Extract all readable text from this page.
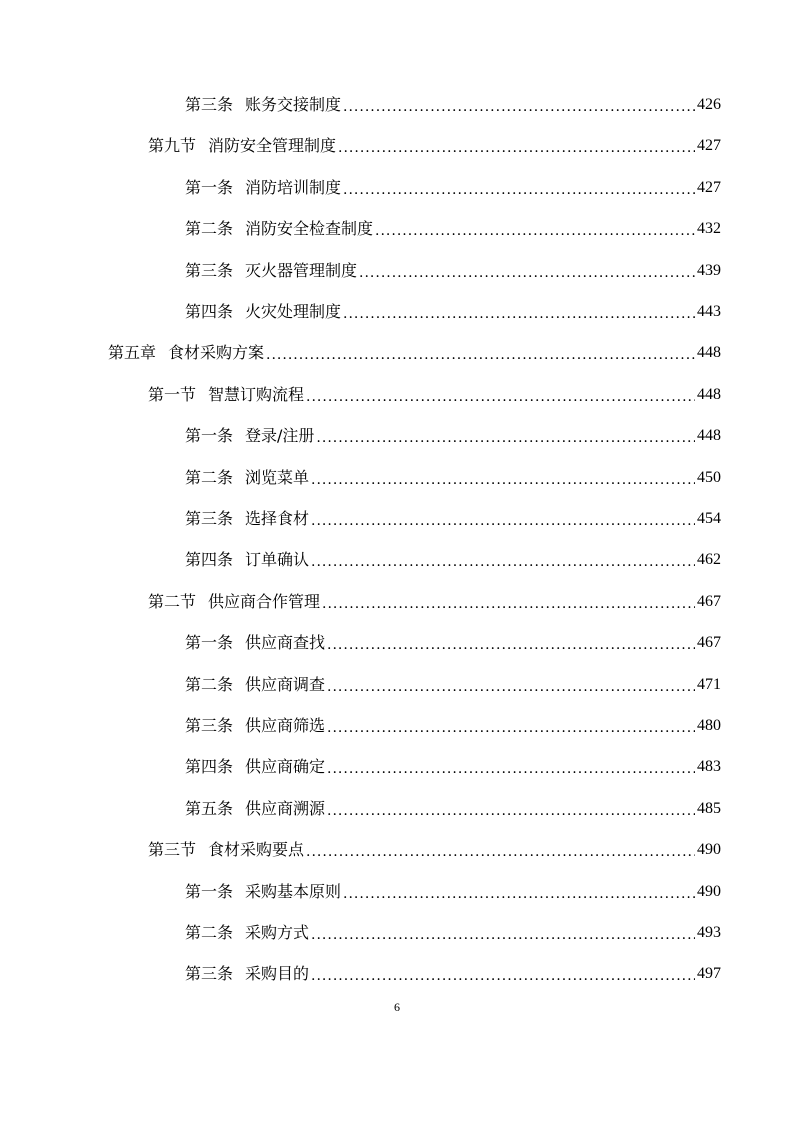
第三条 账务交接制度 .....	426
第九节 消防安全管理制度 .....	427
第一条 消防培训制度 .....	427
第二条 消防安全检查制度 .....	432
第三条 灭火器管理制度 .....	439
第四条 火灾处理制度 .....	443
第五章 食材采购方案 .....	448
第一节 智慧订购流程 .....	448
第一条 登录/注册 .....	448
第二条 浏览菜单 .....	450
第三条 选择食材 .....	454
第四条 订单确认 .....	462
第二节 供应商合作管理 .....	467
第一条 供应商查找 .....	467
第二条 供应商调查 .....	471
第三条 供应商筛选 .....	480
第四条 供应商确定 .....	483
第五条 供应商溯源 .....	485
第三节 食材采购要点 .....	490
第一条 采购基本原则 .....	490
第二条 采购方式 .....	493
第三条 采购目的 .....	497
6
